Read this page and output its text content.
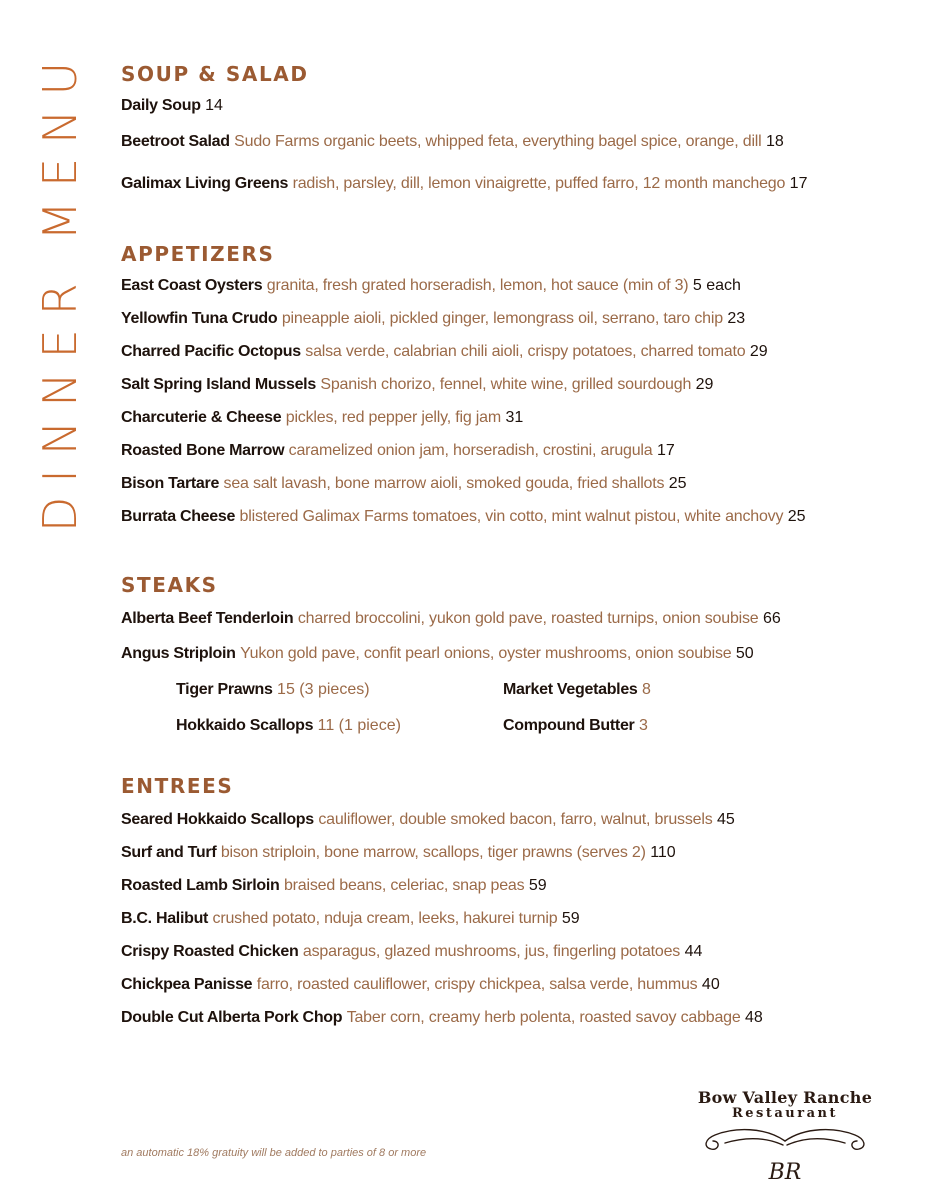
DINNER MENU SOUP & SALAD
Daily Soup 14
Beetroot Salad Sudo Farms organic beets, whipped feta, everything bagel spice, orange, dill 18
Galimax Living Greens radish, parsley, dill, lemon vinaigrette, puffed farro, 12 month manchego 17
APPETIZERS
East Coast Oysters granita, fresh grated horseradish, lemon, hot sauce (min of 3) 5 each
Yellowfin Tuna Crudo pineapple aioli, pickled ginger, lemongrass oil, serrano, taro chip 23
Charred Pacific Octopus salsa verde, calabrian chili aioli, crispy potatoes, charred tomato 29
Salt Spring Island Mussels Spanish chorizo, fennel, white wine, grilled sourdough 29
Charcuterie & Cheese pickles, red pepper jelly, fig jam 31
Roasted Bone Marrow caramelized onion jam, horseradish, crostini, arugula 17
Bison Tartare sea salt lavash, bone marrow aioli, smoked gouda, fried shallots 25
Burrata Cheese blistered Galimax Farms tomatoes, vin cotto, mint walnut pistou, white anchovy 25
STEAKS
Alberta Beef Tenderloin charred broccolini, yukon gold pave, roasted turnips, onion soubise 66
Angus Striploin Yukon gold pave, confit pearl onions, oyster mushrooms, onion soubise 50
Tiger Prawns 15 (3 pieces)	Market Vegetables 8
Hokkaido Scallops 11 (1 piece)	Compound Butter 3
ENTREES
Seared Hokkaido Scallops cauliflower, double smoked bacon, farro, walnut, brussels 45
Surf and Turf bison striploin, bone marrow, scallops, tiger prawns (serves 2) 110
Roasted Lamb Sirloin braised beans, celeriac, snap peas 59
B.C. Halibut crushed potato, nduja cream, leeks, hakurei turnip 59
Crispy Roasted Chicken asparagus, glazed mushrooms, jus, fingerling potatoes 44
Chickpea Panisse farro, roasted cauliflower, crispy chickpea, salsa verde, hummus 40
Double Cut Alberta Pork Chop Taber corn, creamy herb polenta, roasted savoy cabbage 48
an automatic 18% gratuity will be added to parties of 8 or more
Bow Valley Ranche
Restaurant
BR
